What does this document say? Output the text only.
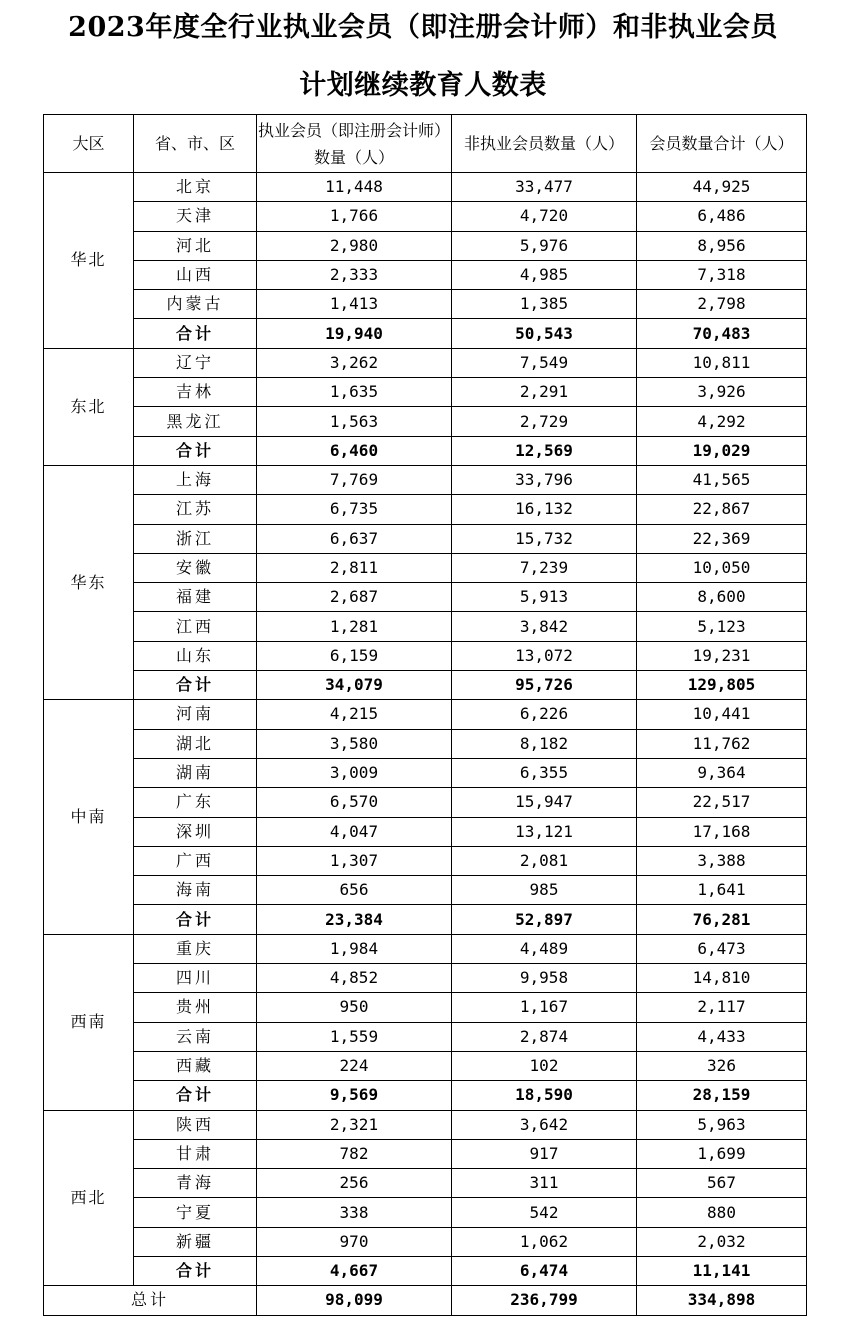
2023年度全行业执业会员（即注册会计师）和非执业会员
计划继续教育人数表
大区	省、市、区	执业会员（即注册会计师）数量（人）	非执业会员数量（人）	会员数量合计（人）
华北	北京	11,448	33,477	44,925
	天津	1,766	4,720	6,486
	河北	2,980	5,976	8,956
	山西	2,333	4,985	7,318
	内蒙古	1,413	1,385	2,798
	合计	19,940	50,543	70,483
东北	辽宁	3,262	7,549	10,811
	吉林	1,635	2,291	3,926
	黑龙江	1,563	2,729	4,292
	合计	6,460	12,569	19,029
华东	上海	7,769	33,796	41,565
	江苏	6,735	16,132	22,867
	浙江	6,637	15,732	22,369
	安徽	2,811	7,239	10,050
	福建	2,687	5,913	8,600
	江西	1,281	3,842	5,123
	山东	6,159	13,072	19,231
	合计	34,079	95,726	129,805
中南	河南	4,215	6,226	10,441
	湖北	3,580	8,182	11,762
	湖南	3,009	6,355	9,364
	广东	6,570	15,947	22,517
	深圳	4,047	13,121	17,168
	广西	1,307	2,081	3,388
	海南	656	985	1,641
	合计	23,384	52,897	76,281
西南	重庆	1,984	4,489	6,473
	四川	4,852	9,958	14,810
	贵州	950	1,167	2,117
	云南	1,559	2,874	4,433
	西藏	224	102	326
	合计	9,569	18,590	28,159
西北	陕西	2,321	3,642	5,963
	甘肃	782	917	1,699
	青海	256	311	567
	宁夏	338	542	880
	新疆	970	1,062	2,032
	合计	4,667	6,474	11,141
总计		98,099	236,799	334,898
